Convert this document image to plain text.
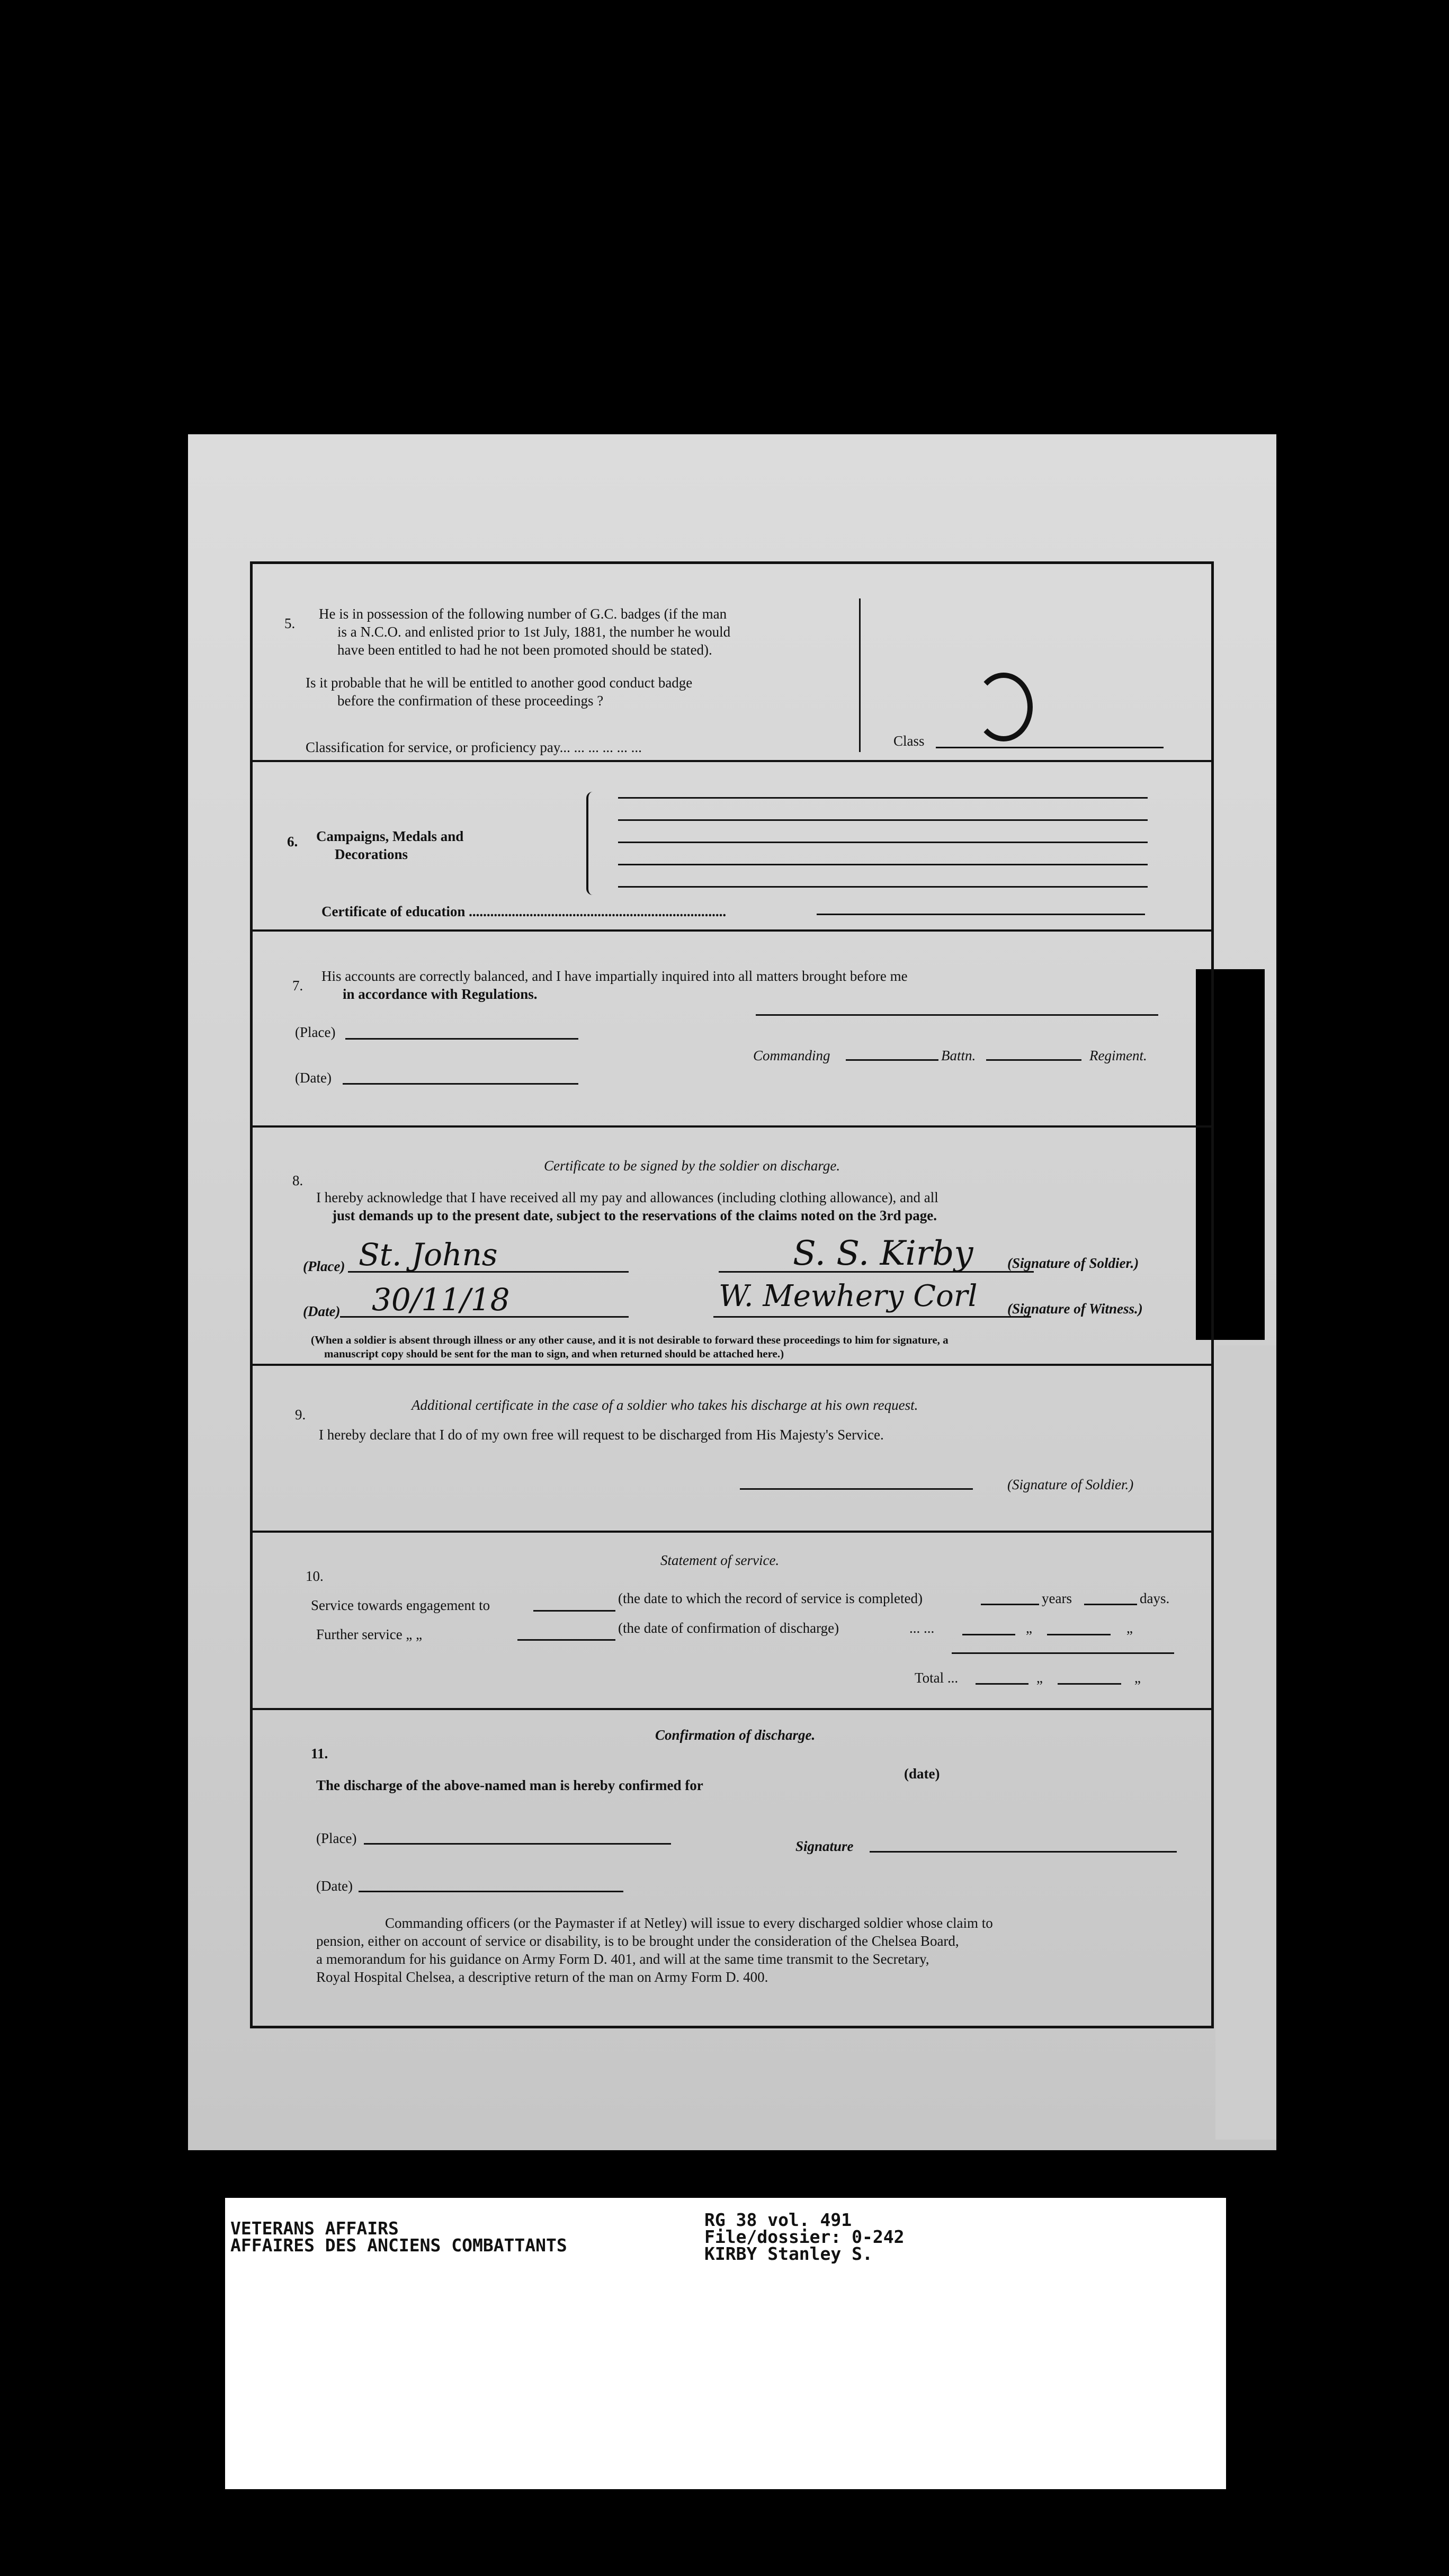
5.
He is in possession of the following number of G.C. badges (if the man
is a N.C.O. and enlisted prior to 1st July, 1881, the number he would
have been entitled to had he not been promoted should be stated).
Is it probable that he will be entitled to another good conduct badge
before the confirmation of these proceedings ?
Classification for service, or proficiency pay... ... ... ... ... ...	Class
6. Campaigns, Medals and
Decorations
Certificate of education ........................................................................
7.
His accounts are correctly balanced, and I have impartially inquired into all matters brought before me
in accordance with Regulations.
(Place)
Commanding	Battn.	Regiment.
(Date)
8.
Certificate to be signed by the soldier on discharge.
I hereby acknowledge that I have received all my pay and allowances (including clothing allowance), and all
just demands up to the present date, subject to the reservations of the claims noted on the 3rd page.
(Place) St. Johns	S. S. Kirby (Signature of Soldier.)
(Date) 30/11/18	W. Mewhery Corl (Signature of Witness.)
(When a soldier is absent through illness or any other cause, and it is not desirable to forward these proceedings to him for signature, a
manuscript copy should be sent for the man to sign, and when returned should be attached here.)
9.
Additional certificate in the case of a soldier who takes his discharge at his own request.
I hereby declare that I do of my own free will request to be discharged from His Majesty's Service.
(Signature of Soldier.)
10.
Statement of service.
Service towards engagement to	(the date to which the record of service is completed)	years	days.
Further service „ „	(the date of confirmation of discharge)	... ...	„	„
Total ...	„	„
11.
Confirmation of discharge.
The discharge of the above-named man is hereby confirmed for
(date)
(Place)	Signature
(Date)
Commanding officers (or the Paymaster if at Netley) will issue to every discharged soldier whose claim to
pension, either on account of service or disability, is to be brought under the consideration of the Chelsea Board,
a memorandum for his guidance on Army Form D. 401, and will at the same time transmit to the Secretary,
Royal Hospital Chelsea, a descriptive return of the man on Army Form D. 400.
VETERANS AFFAIRS
AFFAIRES DES ANCIENS COMBATTANTS
RG 38 vol. 491
File/dossier: 0-242
KIRBY Stanley S.
